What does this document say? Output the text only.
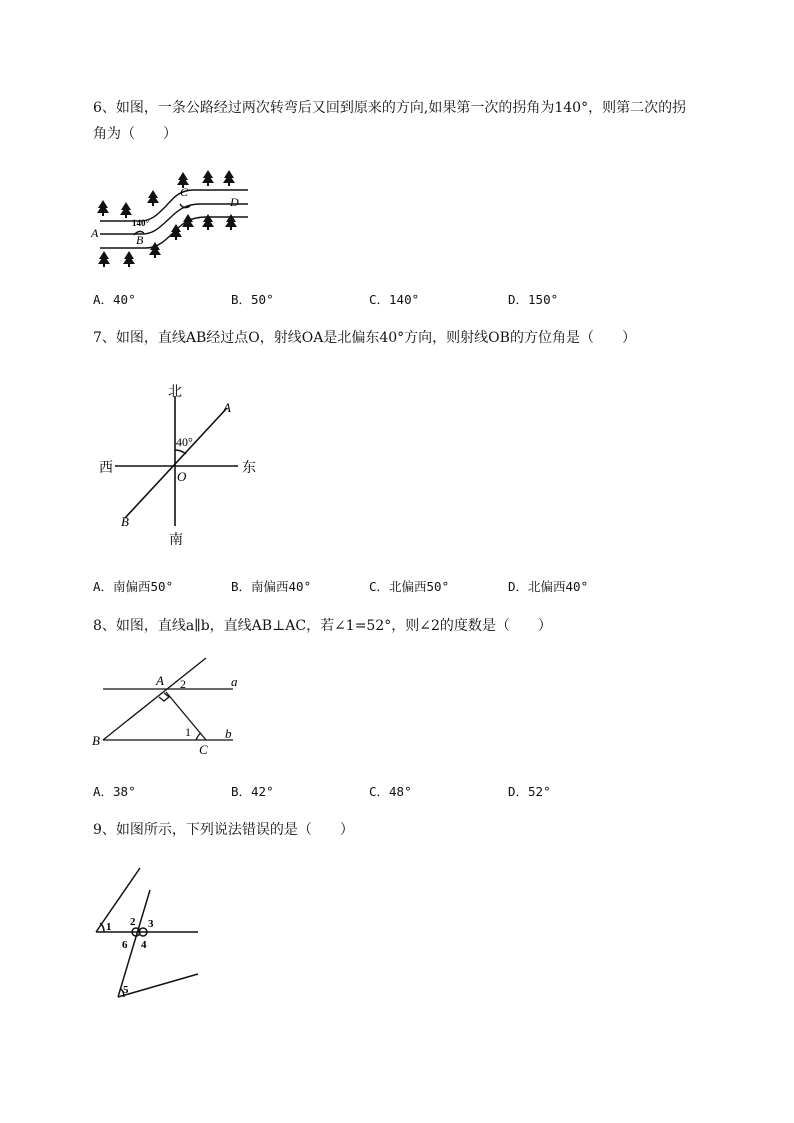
6、如图，一条公路经过两次转弯后又回到原来的方向,如果第一次的拐角为140°，则第二次的拐
角为（　　）
A	B
C
D
140°
A．40°	B．50°	C．140°	D．150°
7、如图，直线AB经过点O，射线OA是北偏东40°方向，则射线OB的方位角是（　　）
北
南
西	东
A
B
O
40°
A．南偏西50°	B．南偏西40°	C．北偏西50°	D．北偏西40°
8、如图，直线a∥b，直线AB⊥AC，若∠1=52°，则∠2的度数是（　　）
A
B
C
a
b
1
2
A．38°	B．42°	C．48°	D．52°
9、如图所示，下列说法错误的是（　　）
1 2 3
4
5
6
